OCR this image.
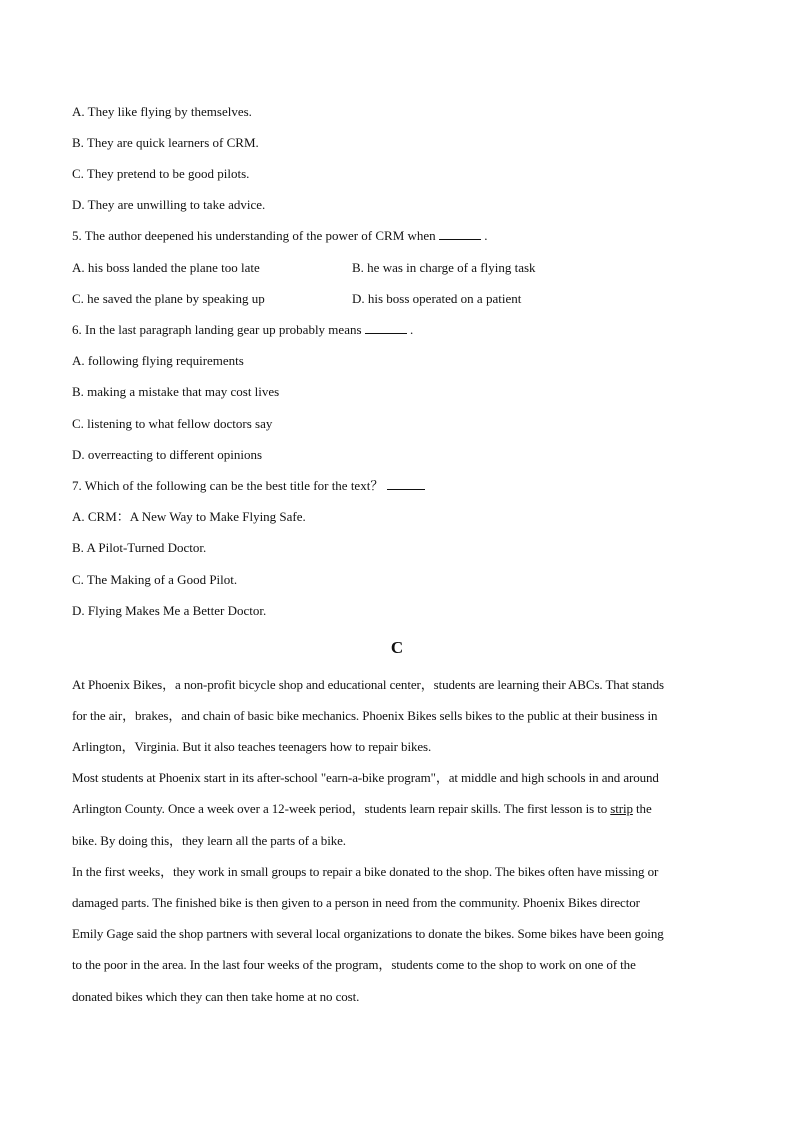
A. They like flying by themselves.
B. They are quick learners of CRM.
C. They pretend to be good pilots.
D. They are unwilling to take advice.
5. The author deepened his understanding of the power of CRM when	.
A. his boss landed the plane too late	B. he was in charge of a flying task
C. he saved the plane by speaking up	D. his boss operated on a patient
6. In the last paragraph landing gear up probably means	.
A. following flying requirements
B. making a mistake that may cost lives
C. listening to what fellow doctors say
D. overreacting to different opinions
7. Which of the following can be the best title for the text？
A. CRM：A New Way to Make Flying Safe.
B. A Pilot-Turned Doctor.
C. The Making of a Good Pilot.
D. Flying Makes Me a Better Doctor.
C
At Phoenix Bikes，a non-profit bicycle shop and educational center，students are learning their ABCs. That stands
for the air，brakes，and chain of basic bike mechanics. Phoenix Bikes sells bikes to the public at their business in
Arlington，Virginia. But it also teaches teenagers how to repair bikes.
Most students at Phoenix start in its after-school "earn-a-bike program"，at middle and high schools in and around
Arlington County. Once a week over a 12-week period，students learn repair skills. The first lesson is to strip the
bike. By doing this，they learn all the parts of a bike.
In the first weeks，they work in small groups to repair a bike donated to the shop. The bikes often have missing or
damaged parts. The finished bike is then given to a person in need from the community. Phoenix Bikes director
Emily Gage said the shop partners with several local organizations to donate the bikes. Some bikes have been going
to the poor in the area. In the last four weeks of the program，students come to the shop to work on one of the
donated bikes which they can then take home at no cost.
